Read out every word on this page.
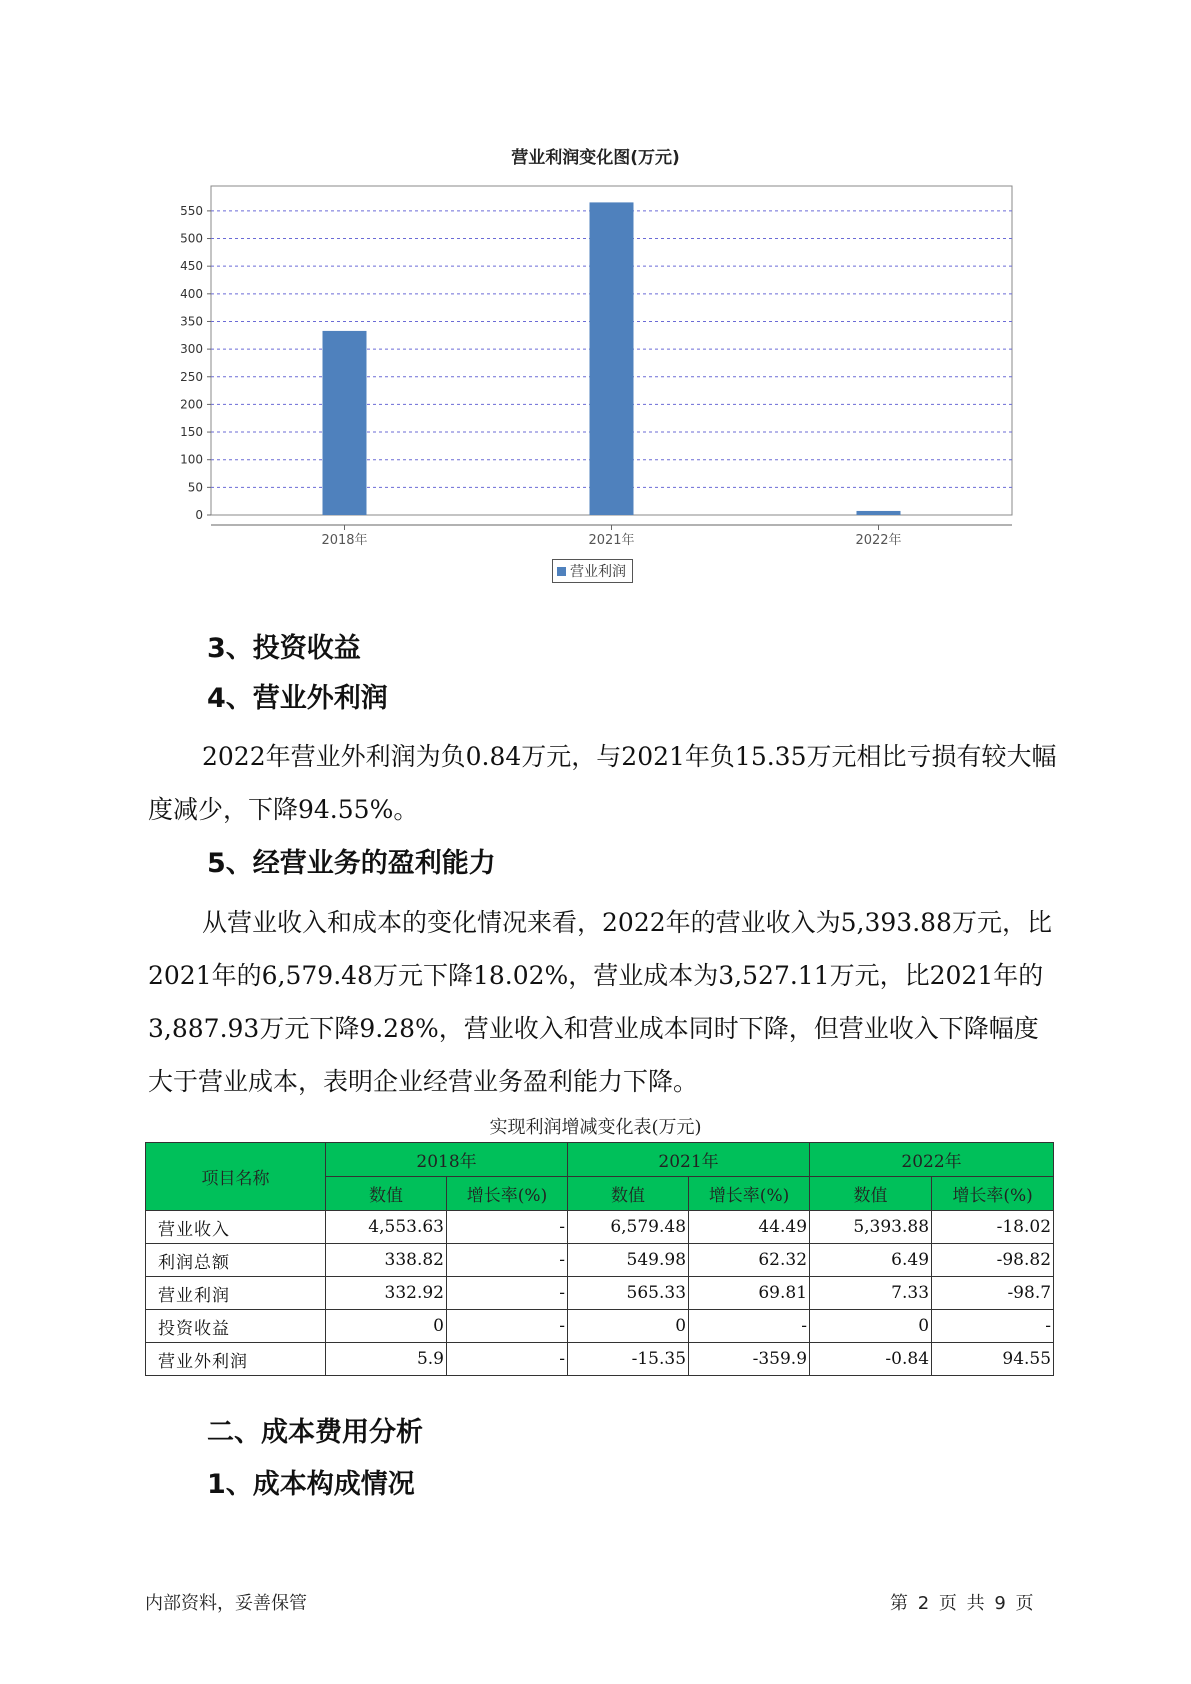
营业利润变化图(万元)
0
50
100
150
200
250
300
350
400
450
500
550
2018年	2021年	2022年
营业利润
3、投资收益
4、营业外利润

2022年营业外利润为负0.84万元，与2021年负15.35万元相比亏损有较大幅度减少，下降94.55%。

5、经营业务的盈利能力

从营业收入和成本的变化情况来看，2022年的营业收入为5,393.88万元，比2021年的6,579.48万元下降18.02%，营业成本为3,527.11万元，比2021年的3,887.93万元下降9.28%，营业收入和营业成本同时下降，但营业收入下降幅度大于营业成本，表明企业经营业务盈利能力下降。

实现利润增减变化表(万元)
项目名称	2018年		2021年		2022年	
	数值	增长率(%)	数值	增长率(%)	数值	增长率(%)
营业收入	4,553.63	-	6,579.48	44.49	5,393.88	-18.02
利润总额	338.82	-	549.98	62.32	6.49	-98.82
营业利润	332.92	-	565.33	69.81	7.33	-98.7
投资收益	0	-	0	-	0	-
营业外利润	5.9	-	-15.35	-359.9	-0.84	94.55
二、成本费用分析
1、成本构成情况
内部资料，妥善保管	第 2 页 共 9 页
